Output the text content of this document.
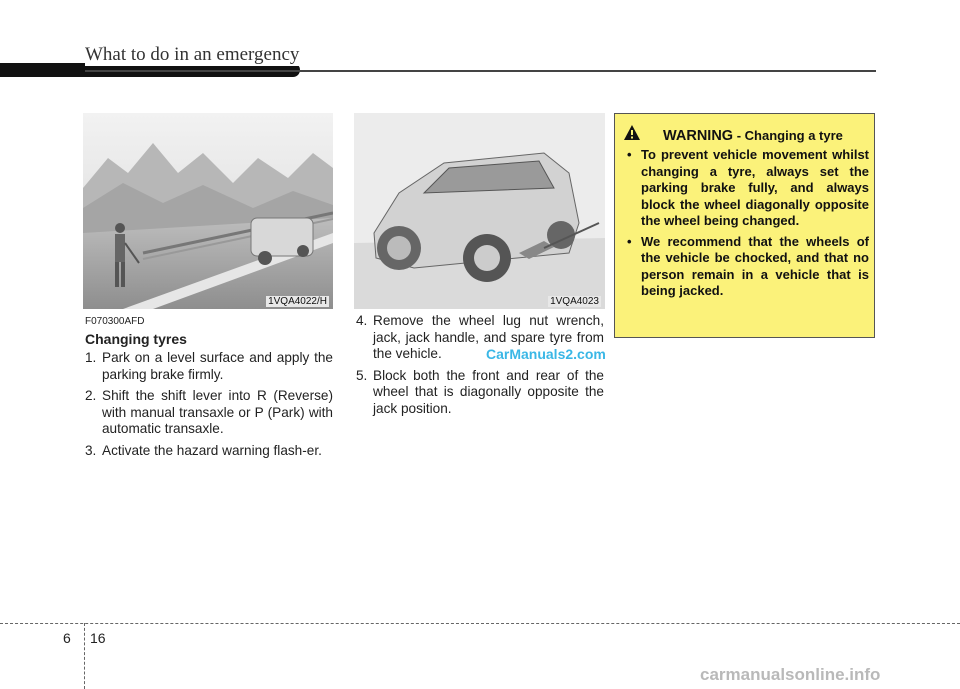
What to do in an emergency
1VQA4022/H	1VQA4023
F070300AFD
Changing tyres
1. Park on a level surface and apply the parking brake firmly.
2. Shift the shift lever into R (Reverse) with manual transaxle or P (Park) with automatic transaxle.
3. Activate the hazard warning flash-er.
4. Remove the wheel lug nut wrench, jack, jack handle, and spare tyre from the vehicle.
5. Block both the front and rear of the wheel that is diagonally opposite the jack position.
CarManuals2.com
WARNING - Changing a tyre
• To prevent vehicle movement whilst changing a tyre, always set the parking brake fully, and always block the wheel diagonally opposite the wheel being changed.
• We recommend that the wheels of the vehicle be chocked, and that no person remain in a vehicle that is being jacked.
6 16
carmanualsonline.info
